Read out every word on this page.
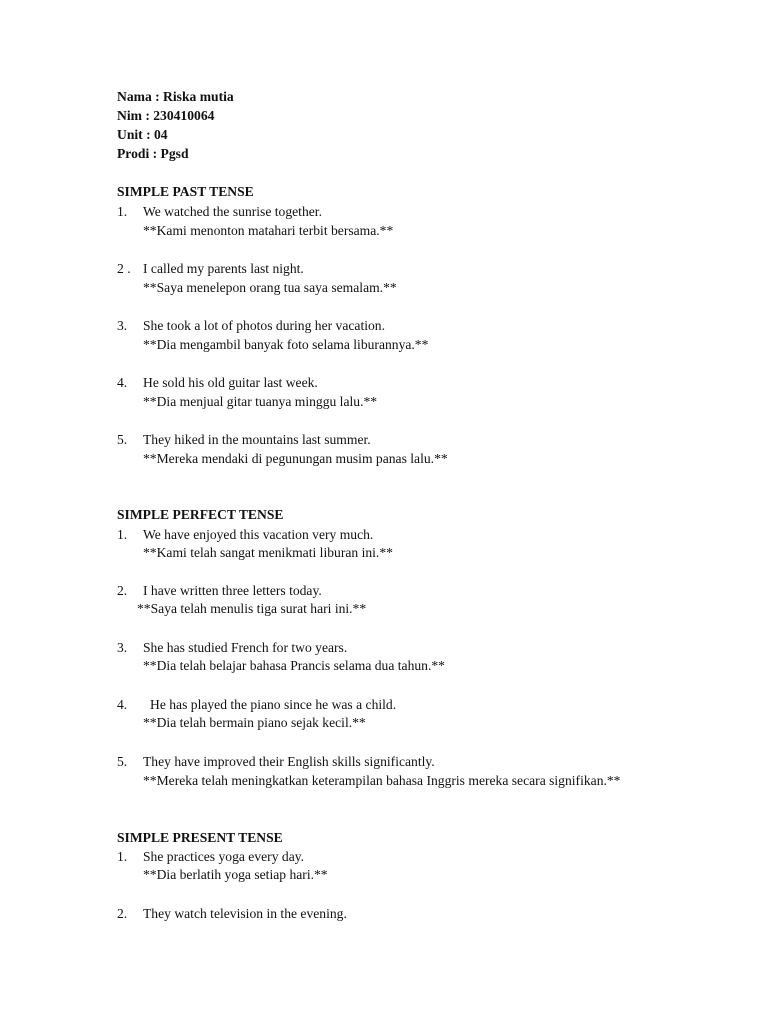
Nama : Riska mutia
Nim : 230410064
Unit : 04
Prodi : Pgsd
SIMPLE PAST TENSE
1. We watched the sunrise together.
**Kami menonton matahari terbit bersama.**
2 . I called my parents last night.
**Saya menelepon orang tua saya semalam.**
3. She took a lot of photos during her vacation.
**Dia mengambil banyak foto selama liburannya.**
4. He sold his old guitar last week.
**Dia menjual gitar tuanya minggu lalu.**
5. They hiked in the mountains last summer.
**Mereka mendaki di pegunungan musim panas lalu.**
SIMPLE PERFECT TENSE
1. We have enjoyed this vacation very much.
**Kami telah sangat menikmati liburan ini.**
2. I have written three letters today.
**Saya telah menulis tiga surat hari ini.**
3. She has studied French for two years.
**Dia telah belajar bahasa Prancis selama dua tahun.**
4. He has played the piano since he was a child.
**Dia telah bermain piano sejak kecil.**
5. They have improved their English skills significantly.
**Mereka telah meningkatkan keterampilan bahasa Inggris mereka secara signifikan.**
SIMPLE PRESENT TENSE
1. She practices yoga every day.
**Dia berlatih yoga setiap hari.**
2. They watch television in the evening.
